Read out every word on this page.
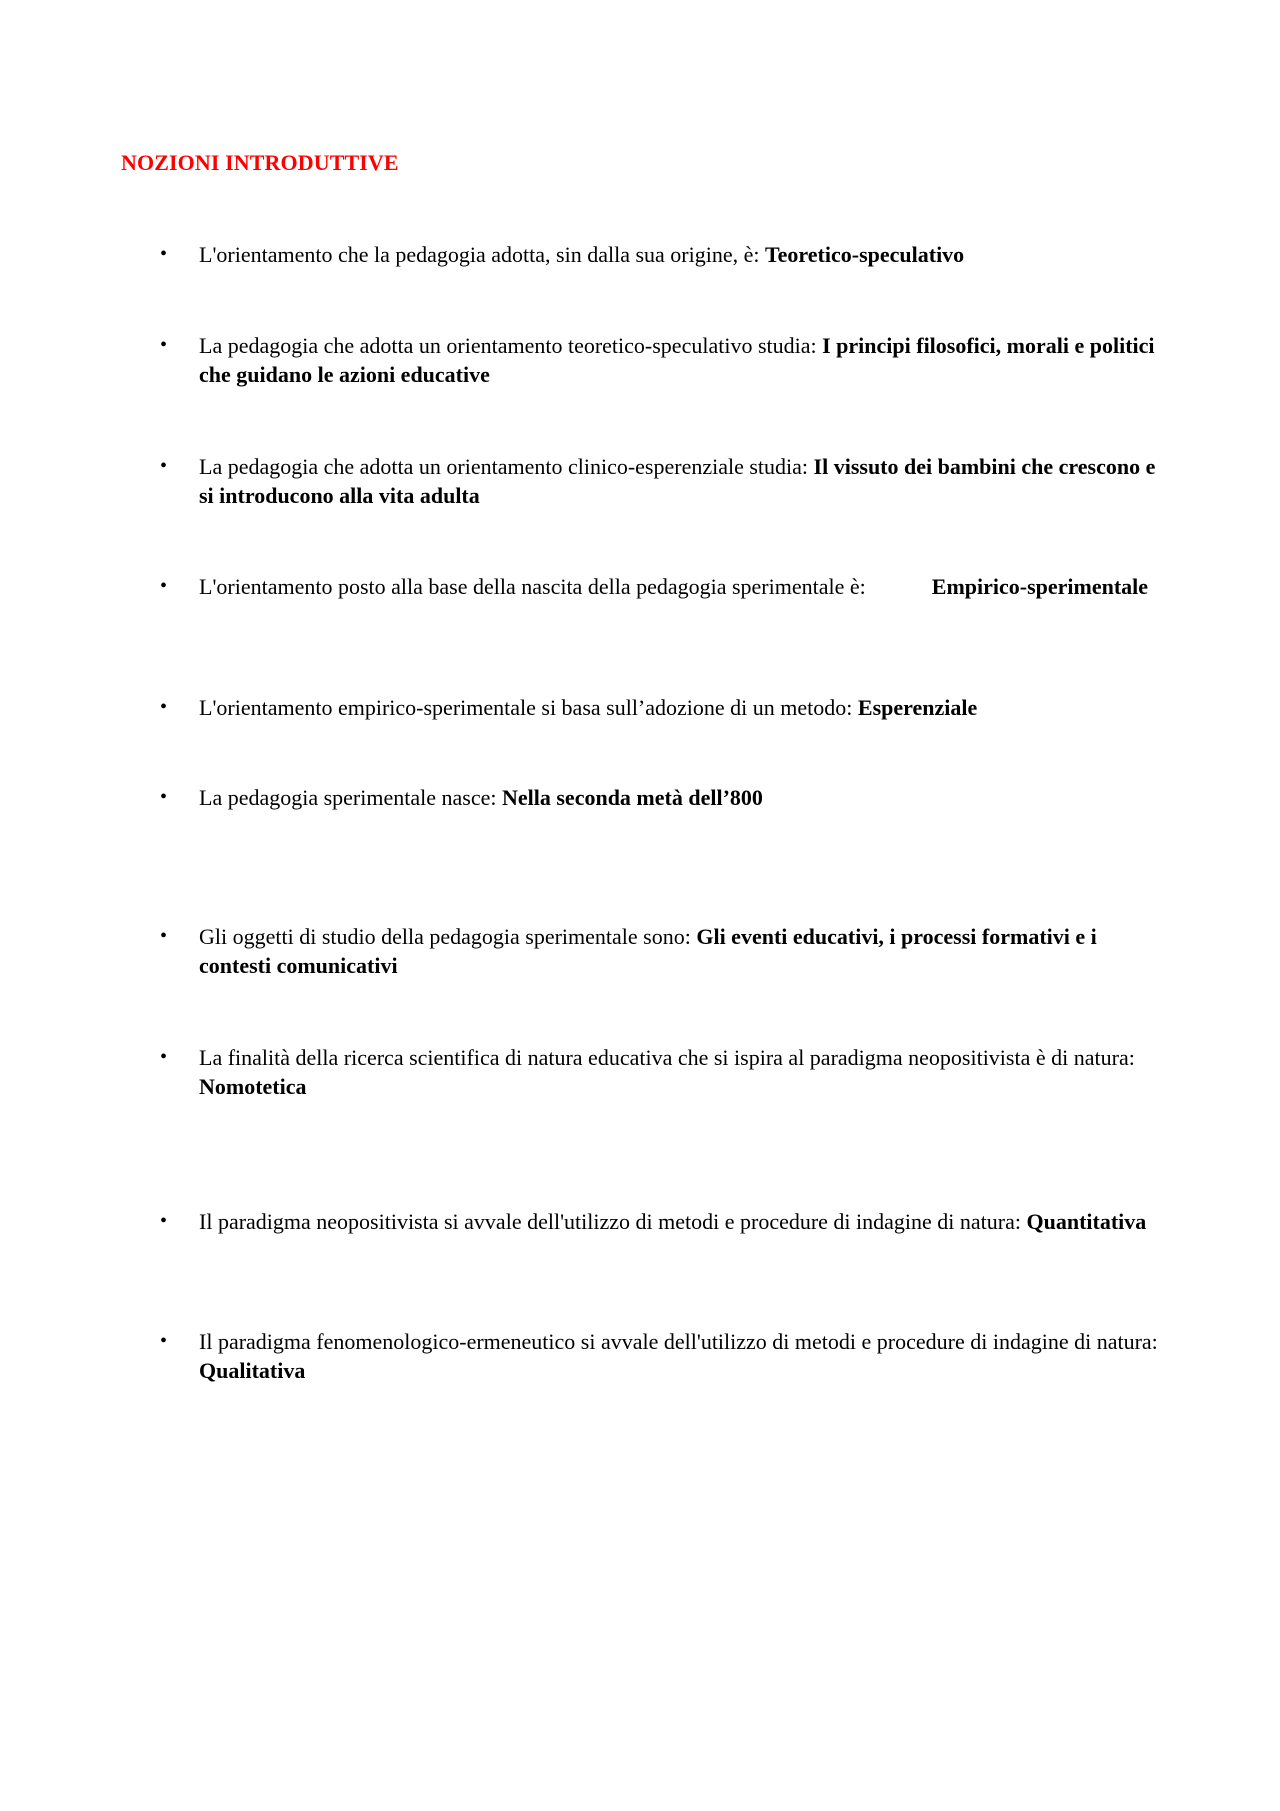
NOZIONI INTRODUTTIVE
•	L'orientamento che la pedagogia adotta, sin dalla sua origine, è: Teoretico-speculativo
•	La pedagogia che adotta un orientamento teoretico-speculativo studia: I principi filosofici, morali e politici che guidano le azioni educative
•	La pedagogia che adotta un orientamento clinico-esperenziale studia: Il vissuto dei bambini che crescono e si introducono alla vita adulta
•	L'orientamento posto alla base della nascita della pedagogia sperimentale è:            Empirico-sperimentale
•	L'orientamento empirico-sperimentale si basa sull’adozione di un metodo: Esperenziale
•	La pedagogia sperimentale nasce: Nella seconda metà dell’800
•	Gli oggetti di studio della pedagogia sperimentale sono: Gli eventi educativi, i processi formativi e i contesti comunicativi
•	La finalità della ricerca scientifica di natura educativa che si ispira al paradigma neopositivista è di natura:  Nomotetica
•	Il paradigma neopositivista si avvale dell'utilizzo di metodi e procedure di indagine di natura: Quantitativa
•	Il paradigma fenomenologico-ermeneutico si avvale dell'utilizzo di metodi e procedure di indagine di natura:   Qualitativa
